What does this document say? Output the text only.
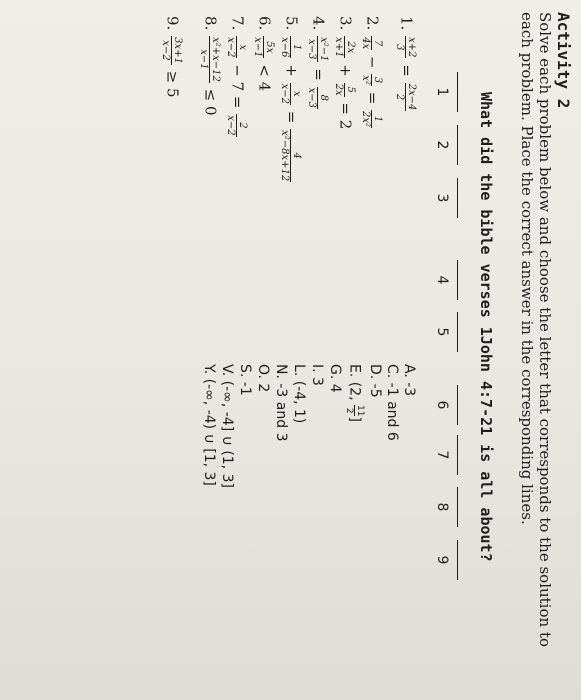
Activity 2
Solve each problem below and choose the letter that corresponds to the solution to
each problem. Place the correct answer in the corresponding lines.
What did the bible verses 1John 4:7-21 is all about?
1
2
3
4
5
6
7
8
9
1.
x+2
3
=
2x−4
2
2.
7
4x
−
3
x²
=
1
2x²
3.
2x
x+1
+
5
2x
= 2
4.
x²−1
x−3
=
8
x−3
5.
1
x−6
+
x
x−2
=
4
x²−8x+12
6.
5x
x−1
< 4
7.
x
x−2
− 7 =
2
x−2
8.
x²+x−12
x−1
≤ 0
9.
3x+1
x−2
≥ 5
A. -3
C. -1 and 6
D. -5
E. (2,
11
2]
G. 4
I. 3
L. (-4, 1)
N. -3 and 3
O. 2
S. -1
V. (-∞, -4] ∪ (1, 3]
Y. (-∞, -4) ∪ [1, 3]
